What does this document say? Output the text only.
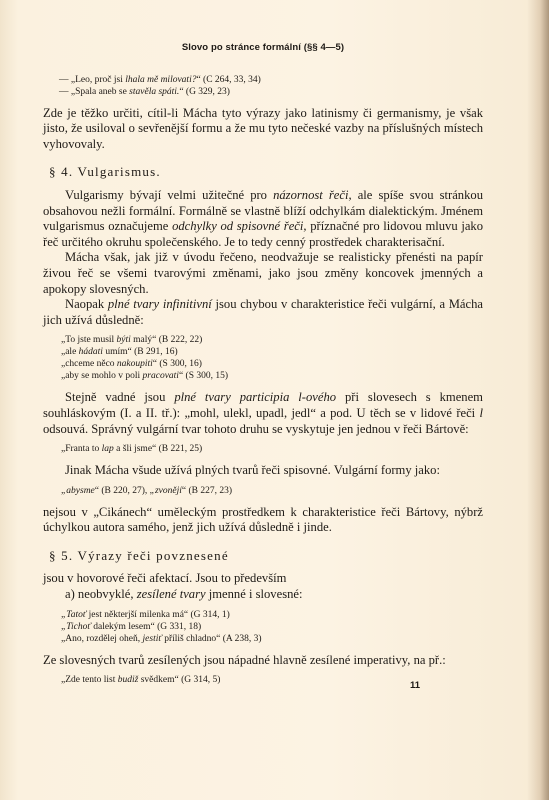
Slovo po stránce formální (§§ 4—5)

— „Leo, proč jsi lhala mě milovati?“ (C 264, 33, 34)

— „Spala aneb se stavěla spáti.“ (G 329, 23)

Zde je těžko určiti, cítil-li Mácha tyto výrazy jako latinismy či germanismy, je však jisto, že usiloval o sevřenější formu a že mu tyto nečeské vazby na příslušných místech vyhovovaly.

§ 4. Vulgarismus.

Vulgarismy bývají velmi užitečné pro názornost řeči, ale spíše svou stránkou obsahovou nežli formální. Formálně se vlastně blíží odchylkám dialektickým. Jménem vulgarismus označujeme odchylky od spisovné řeči, příznačné pro lidovou mluvu jako řeč určitého okruhu společenského. Je to tedy cenný prostředek charakterisační.

Mácha však, jak již v úvodu řečeno, neodvažuje se realisticky přenésti na papír živou řeč se všemi tvarovými změnami, jako jsou změny koncovek jmenných a apokopy slovesných.

Naopak plné tvary infinitivní jsou chybou v charakteristice řeči vulgární, a Mácha jich užívá důsledně:

„To jste musil býti malý“ (B 222, 22)

„ale hádati umím“ (B 291, 16)

„chceme něco nakoupiti“ (S 300, 16)

„aby se mohlo v poli pracovati“ (S 300, 15)

Stejně vadné jsou plné tvary participia l-ového při slovesech s kmenem souhláskovým (I. a II. tř.): „mohl, ulekl, upadl, jedl“ a pod. U těch se v lidové řeči l odsouvá. Správný vulgární tvar tohoto druhu se vyskytuje jen jednou v řeči Bártově:

„Franta to lap a šli jsme“ (B 221, 25)

Jinak Mácha všude užívá plných tvarů řeči spisovné. Vulgární formy jako:

„abysme“ (B 220, 27), „zvonějí“ (B 227, 23)

nejsou v „Cikánech“ uměleckým prostředkem k charakteristice řeči Bártovy, nýbrž úchylkou autora samého, jenž jich užívá důsledně i jinde.

§ 5. Výrazy řeči povznesené

jsou v hovorové řeči afektací. Jsou to především

a) neobvyklé, zesílené tvary jmenné i slovesné:

„Tatoť jest některjší milenka má“ (G 314, 1)

„Tichoť dalekým lesem“ (G 331, 18)

„Ano, rozdělej oheň, jestiť příliš chladno“ (A 238, 3)

Ze slovesných tvarů zesílených jsou nápadné hlavně zesílené imperativy, na př.:

„Zde tento list budiž svědkem“ (G 314, 5)	11
